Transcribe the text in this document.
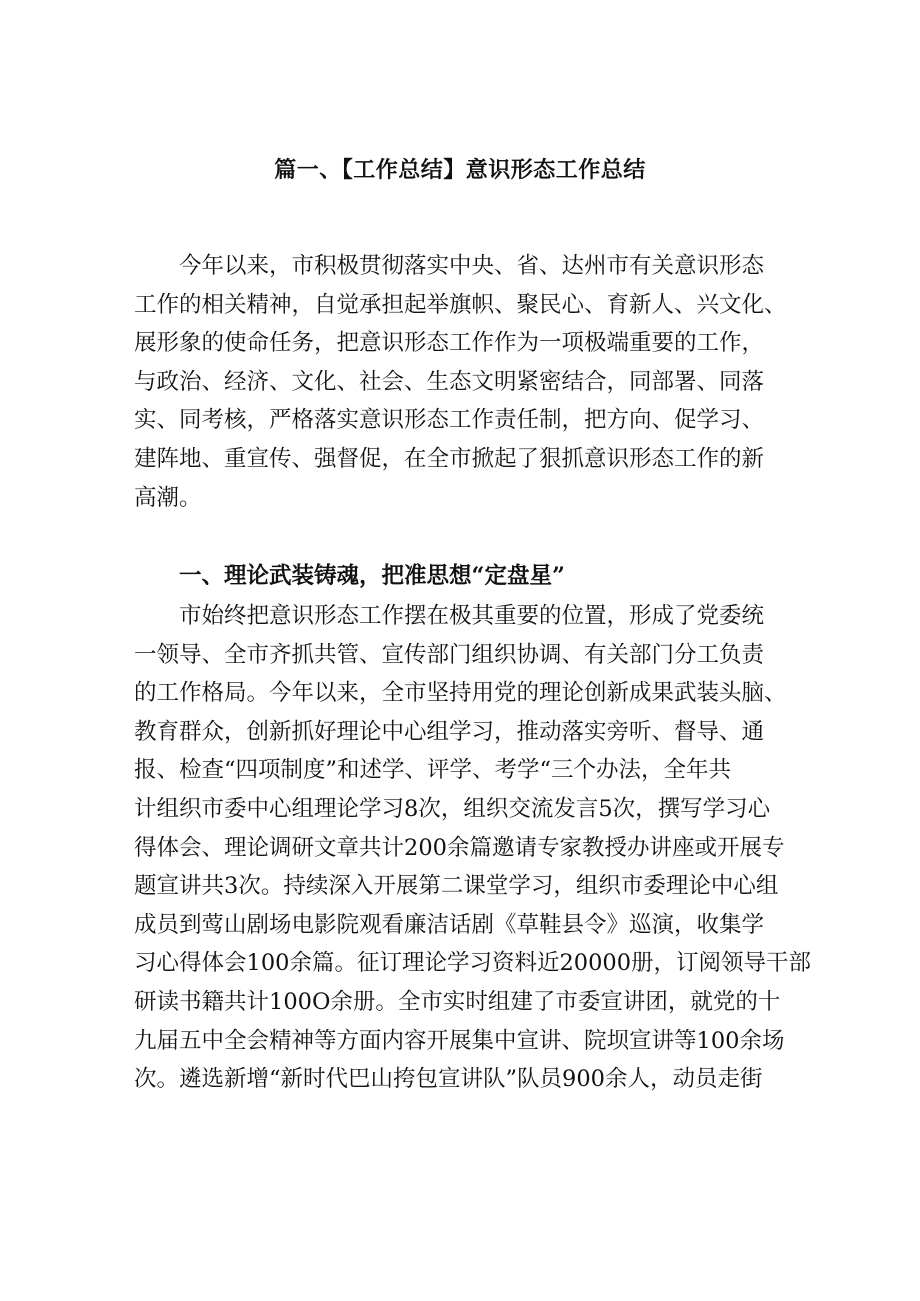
篇一、【工作总结】意识形态工作总结
今年以来，市积极贯彻落实中央、省、达州市有关意识形态
工作的相关精神，自觉承担起举旗帜、聚民心、育新人、兴文化、
展形象的使命任务，把意识形态工作作为一项极端重要的工作，
与政治、经济、文化、社会、生态文明紧密结合，同部署、同落
实、同考核，严格落实意识形态工作责任制，把方向、促学习、
建阵地、重宣传、强督促，在全市掀起了狠抓意识形态工作的新
高潮。
一、理论武装铸魂，把准思想“定盘星”
市始终把意识形态工作摆在极其重要的位置，形成了党委统
一领导、全市齐抓共管、宣传部门组织协调、有关部门分工负责
的工作格局。今年以来，全市坚持用党的理论创新成果武装头脑、
教育群众，创新抓好理论中心组学习，推动落实旁听、督导、通
报、检查“四项制度”和述学、评学、考学“三个办法，全年共
计组织市委中心组理论学习8次，组织交流发言5次，撰写学习心
得体会、理论调研文章共计200余篇邀请专家教授办讲座或开展专
题宣讲共3次。持续深入开展第二课堂学习，组织市委理论中心组
成员到莺山剧场电影院观看廉洁话剧《草鞋县令》巡演，收集学
习心得体会100余篇。征订理论学习资料近20000册，订阅领导干部
研读书籍共计100O余册。全市实时组建了市委宣讲团，就党的十
九届五中全会精神等方面内容开展集中宣讲、院坝宣讲等100余场
次。遴选新增“新时代巴山挎包宣讲队”队员900余人，动员走街
